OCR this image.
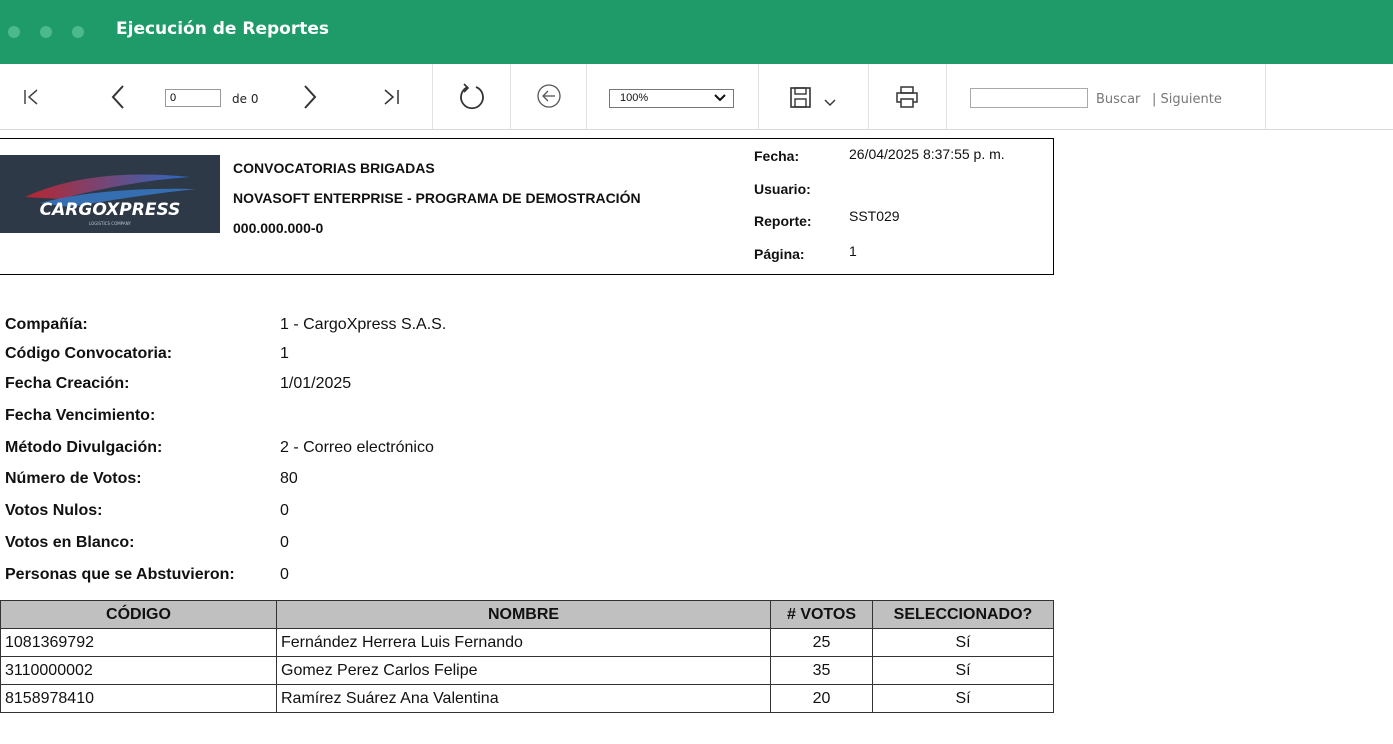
Ejecución de Reportes
0
de 0	100%	Buscar | Siguiente
CARGOXPRESS
LOGISTICS COMPANY
CONVOCATORIAS BRIGADAS
NOVASOFT ENTERPRISE - PROGRAMA DE DEMOSTRACIÓN
000.000.000-0
Fecha:	26/04/2025 8:37:55 p. m.
Usuario:
Reporte:	SST029
Página:	1
Compañía:	1 - CargoXpress S.A.S.
Código Convocatoria:	1
Fecha Creación:	1/01/2025
Fecha Vencimiento:
Método Divulgación:	2 - Correo electrónico
Número de Votos:	80
Votos Nulos:	0
Votos en Blanco:	0
Personas que se Abstuvieron:	0
CÓDIGO	NOMBRE	# VOTOS	SELECCIONADO?
1081369792	Fernández Herrera Luis Fernando	25	Sí
3110000002	Gomez Perez Carlos Felipe	35	Sí
8158978410	Ramírez Suárez Ana Valentina	20	Sí
